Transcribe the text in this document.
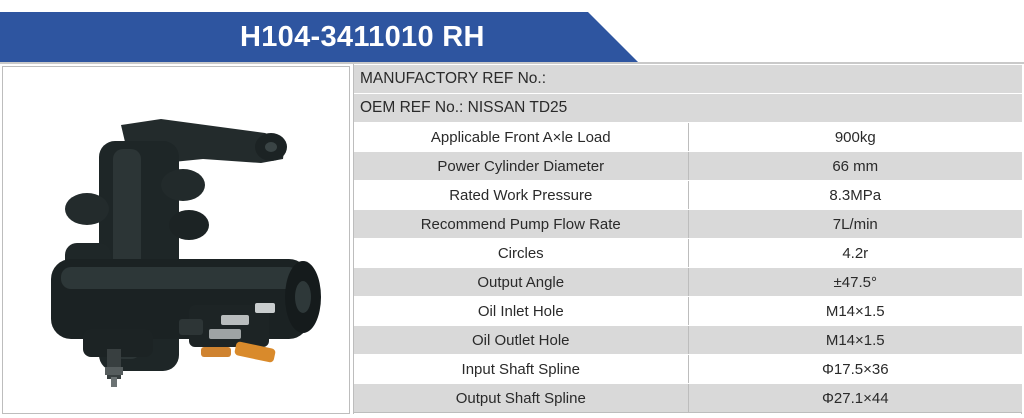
H104-3411010 RH
MANUFACTORY REF No.:	
OEM REF No.: NISSAN TD25	
Applicable Front A×le Load	900kg
Power Cylinder Diameter	66 mm
Rated Work Pressure	8.3MPa
Recommend Pump Flow Rate	7L/min
Circles	4.2r
Output Angle	±47.5°
Oil Inlet Hole	M14×1.5
Oil Outlet Hole	M14×1.5
Input Shaft Spline	Φ17.5×36
Output Shaft Spline	Φ27.1×44
